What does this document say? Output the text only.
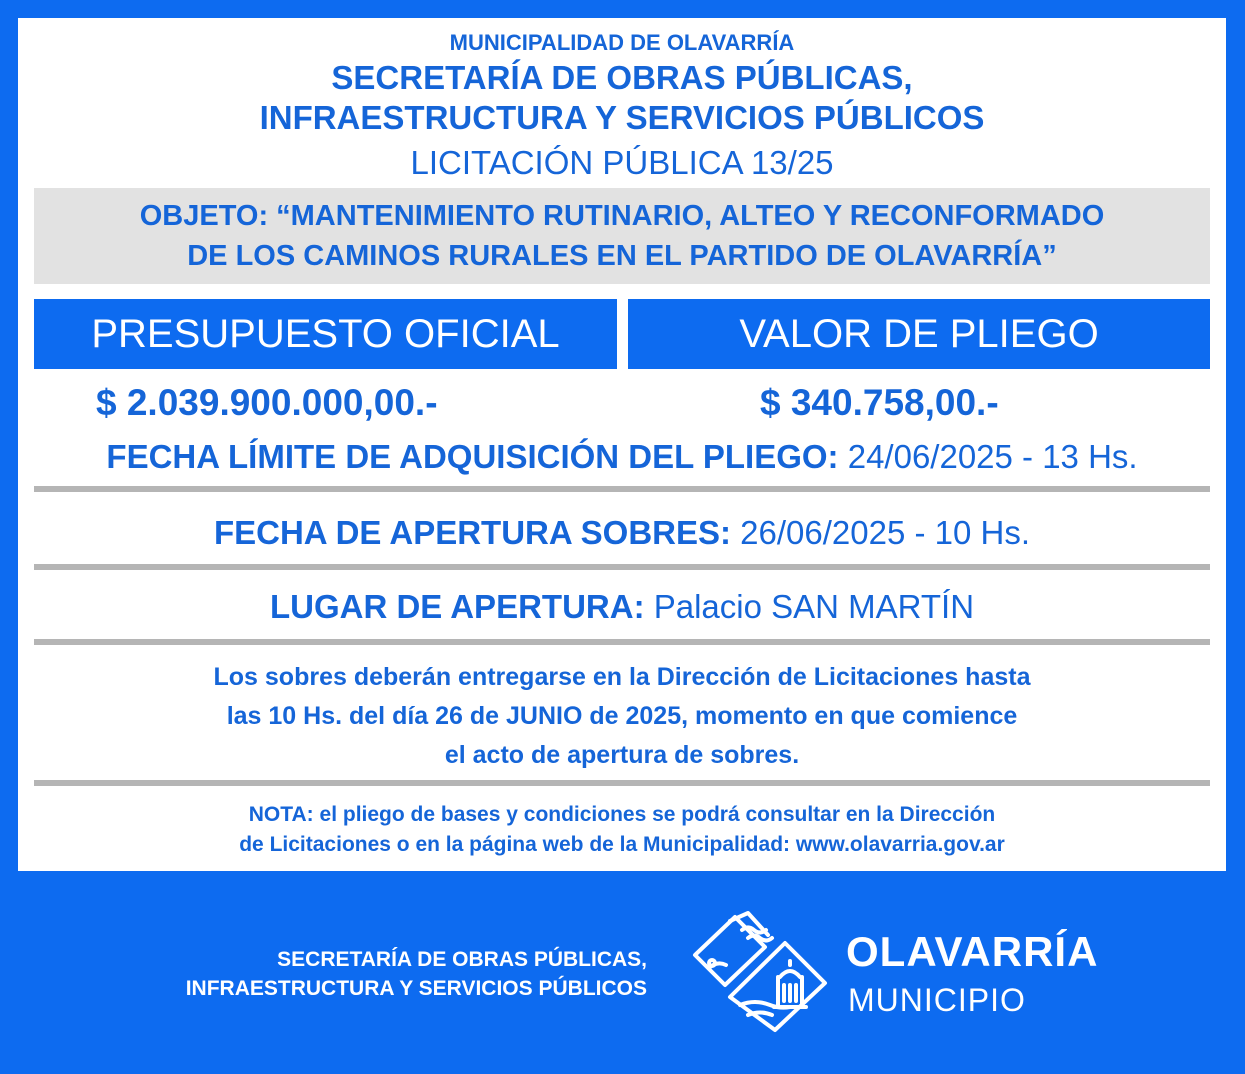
MUNICIPALIDAD DE OLAVARRÍA
SECRETARÍA DE OBRAS PÚBLICAS,
INFRAESTRUCTURA Y SERVICIOS PÚBLICOS
LICITACIÓN PÚBLICA 13/25
OBJETO: “MANTENIMIENTO RUTINARIO, ALTEO Y RECONFORMADO
DE LOS CAMINOS RURALES EN EL PARTIDO DE OLAVARRÍA”
PRESUPUESTO OFICIAL	VALOR DE PLIEGO
$ 2.039.900.000,00.-	$ 340.758,00.-
FECHA LÍMITE DE ADQUISICIÓN DEL PLIEGO: 24/06/2025 - 13 Hs.
FECHA DE APERTURA SOBRES: 26/06/2025 - 10 Hs.
LUGAR DE APERTURA: Palacio SAN MARTÍN
Los sobres deberán entregarse en la Dirección de Licitaciones hasta
las 10 Hs. del día 26 de JUNIO de 2025, momento en que comience
el acto de apertura de sobres.
NOTA: el pliego de bases y condiciones se podrá consultar en la Dirección
de Licitaciones o en la página web de la Municipalidad: www.olavarria.gov.ar
SECRETARÍA DE OBRAS PÚBLICAS,
INFRAESTRUCTURA Y SERVICIOS PÚBLICOS
OLAVARRÍA
MUNICIPIO
